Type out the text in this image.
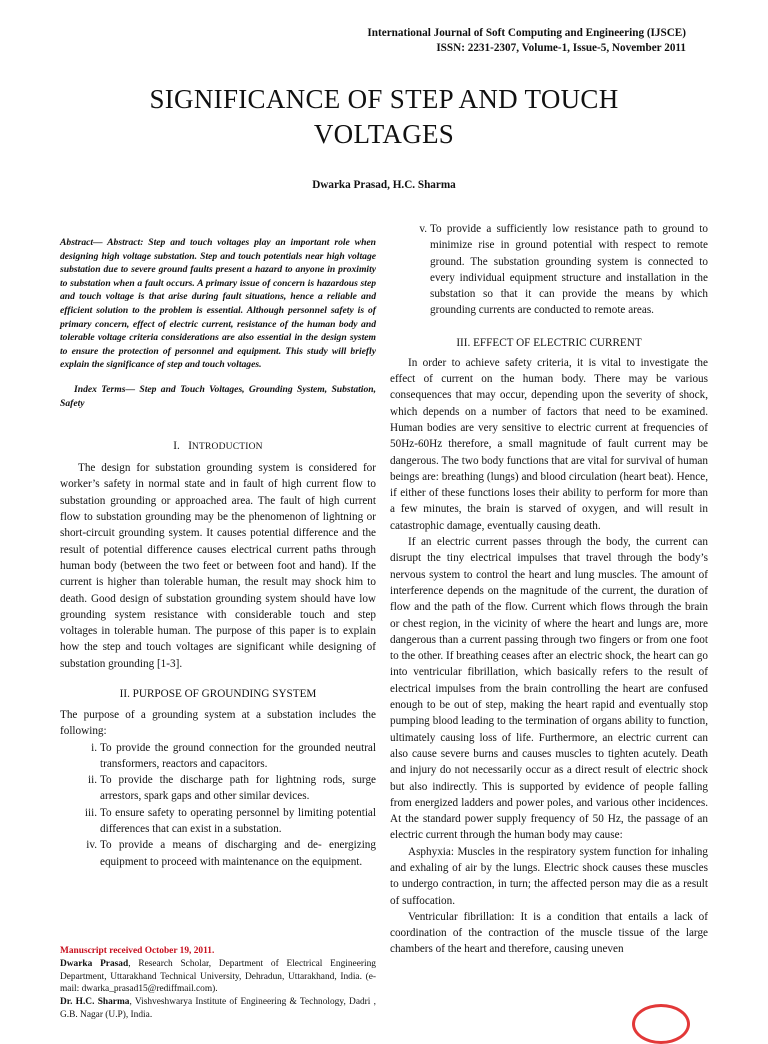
International Journal of Soft Computing and Engineering (IJSCE)
ISSN: 2231-2307, Volume-1, Issue-5, November 2011
SIGNIFICANCE OF STEP AND TOUCH
VOLTAGES
Dwarka Prasad, H.C. Sharma

Abstract— Abstract: Step and touch voltages play an important role when designing high voltage substation. Step and touch potentials near high voltage substation due to severe ground faults present a hazard to anyone in proximity to substation when a fault occurs. A primary issue of concern is hazardous step and touch voltage is that arise during fault situations, hence a reliable and efficient solution to the problem is essential. Although personnel safety is of primary concern, effect of electric current, resistance of the human body and tolerable voltage criteria considerations are also essential in the design system to ensure the protection of personnel and equipment. This study will briefly explain the significance of step and touch voltages.

Index Terms— Step and Touch Voltages, Grounding System, Substation, Safety

I. INTRODUCTION

The design for substation grounding system is considered for worker’s safety in normal state and in fault of high current flow to substation grounding or approached area. The fault of high current flow to substation grounding may be the phenomenon of lightning or short-circuit grounding system. It causes potential difference and the result of potential difference causes electrical current paths through human body (between the two feet or between foot and hand). If the current is higher than tolerable human, the result may shock him to death. Good design of substation grounding system should have low grounding system resistance with considerable touch and step voltages in tolerable human. The purpose of this paper is to explain how the step and touch voltages are significant while designing of substation grounding [1-3].

II. PURPOSE OF GROUNDING SYSTEM

The purpose of a grounding system at a substation includes the following:

i. To provide the ground connection for the grounded neutral transformers, reactors and capacitors.
ii. To provide the discharge path for lightning rods, surge arrestors, spark gaps and other similar devices.
iii. To ensure safety to operating personnel by limiting potential differences that can exist in a substation.
iv. To provide a means of discharging and de- energizing equipment to proceed with maintenance on the equipment.

Manuscript received October 19, 2011.

Dwarka Prasad, Research Scholar, Department of Electrical Engineering Department, Uttarakhand Technical University, Dehradun, Uttarakhand, India. (e-mail: dwarka_prasad15@rediffmail.com).

Dr. H.C. Sharma, Vishveshwarya Institute of Engineering & Technology, Dadri , G.B. Nagar (U.P), India.

v. To provide a sufficiently low resistance path to ground to minimize rise in ground potential with respect to remote ground. The substation grounding system is connected to every individual equipment structure and installation in the substation so that it can provide the means by which grounding currents are conducted to remote areas.

III. EFFECT OF ELECTRIC CURRENT

In order to achieve safety criteria, it is vital to investigate the effect of current on the human body. There may be various consequences that may occur, depending upon the severity of shock, which depends on a number of factors that need to be examined. Human bodies are very sensitive to electric current at frequencies of 50Hz-60Hz therefore, a small magnitude of fault current may be dangerous. The two body functions that are vital for survival of human beings are: breathing (lungs) and blood circulation (heart beat). Hence, if either of these functions loses their ability to perform for more than a few minutes, the brain is starved of oxygen, and will result in catastrophic damage, eventually causing death.

If an electric current passes through the body, the current can disrupt the tiny electrical impulses that travel through the body’s nervous system to control the heart and lung muscles. The amount of interference depends on the magnitude of the current, the duration of flow and the path of the flow. Current which flows through the brain or chest region, in the vicinity of where the heart and lungs are, more dangerous than a current passing through two fingers or from one foot to the other. If breathing ceases after an electric shock, the heart can go into ventricular fibrillation, which basically refers to the result of electrical impulses from the brain controlling the heart are confused enough to be out of step, making the heart rapid and eventually stop pumping blood leading to the termination of organs ability to function, ultimately causing loss of life. Furthermore, an electric current can also cause severe burns and causes muscles to tighten acutely. Death and injury do not necessarily occur as a direct result of electric shock but also indirectly. This is supported by evidence of people falling from energized ladders and power poles, and various other incidences. At the standard power supply frequency of 50 Hz, the passage of an electric current through the human body may cause:

Asphyxia: Muscles in the respiratory system function for inhaling and exhaling of air by the lungs. Electric shock causes these muscles to undergo contraction, in turn; the affected person may die as a result of suffocation.

Ventricular fibrillation: It is a condition that entails a lack of coordination of the contraction of the muscle tissue of the large chambers of the heart and therefore, causing uneven
